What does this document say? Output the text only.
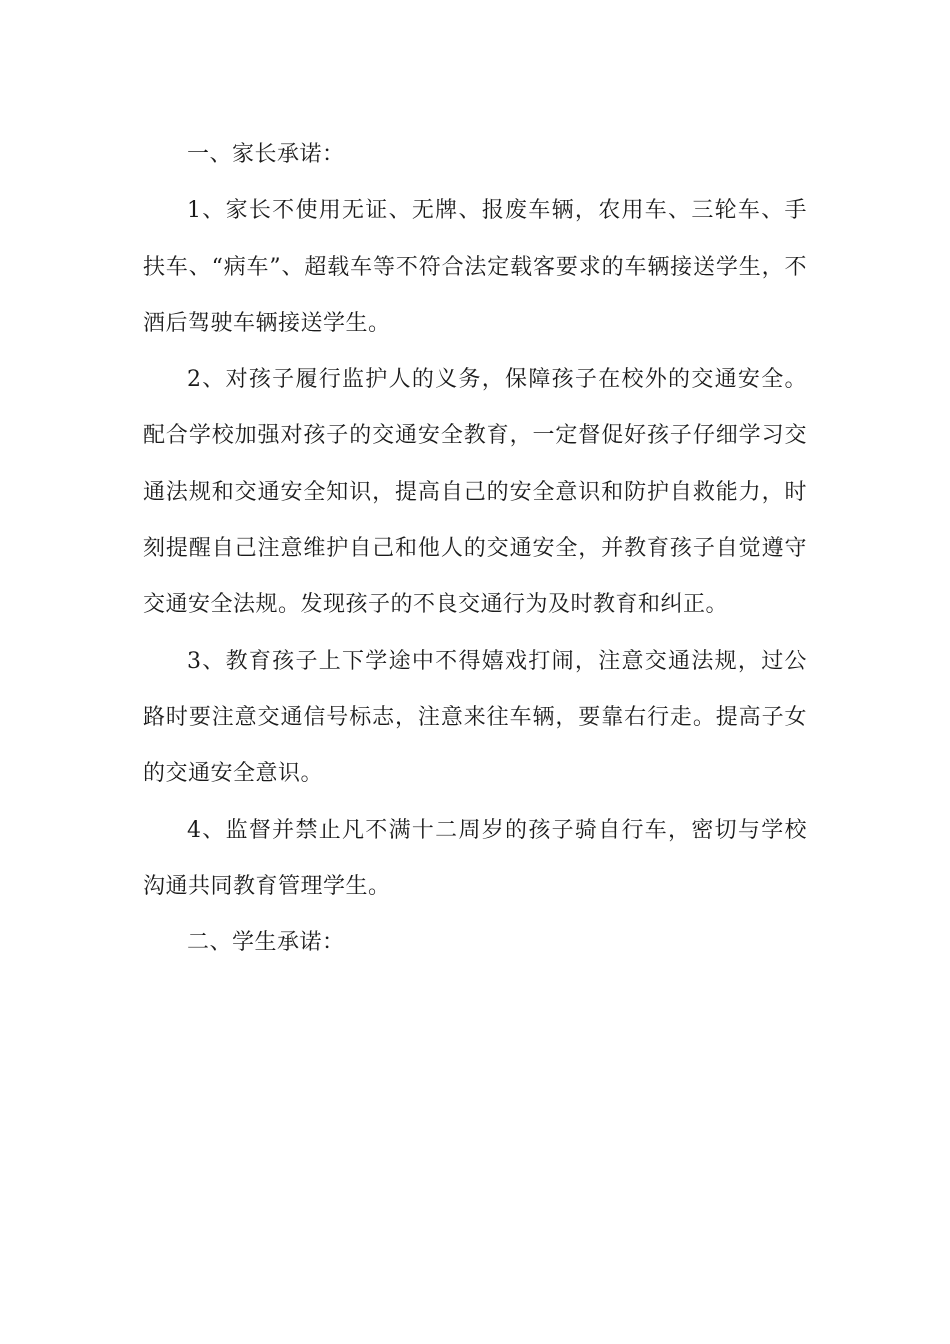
一、家长承诺：

1、家长不使用无证、无牌、报废车辆，农用车、三轮车、手扶车、“病车”、超载车等不符合法定载客要求的车辆接送学生，不酒后驾驶车辆接送学生。

2、对孩子履行监护人的义务，保障孩子在校外的交通安全。配合学校加强对孩子的交通安全教育，一定督促好孩子仔细学习交通法规和交通安全知识，提高自己的安全意识和防护自救能力，时刻提醒自己注意维护自己和他人的交通安全，并教育孩子自觉遵守交通安全法规。发现孩子的不良交通行为及时教育和纠正。

3、教育孩子上下学途中不得嬉戏打闹，注意交通法规，过公路时要注意交通信号标志，注意来往车辆，要靠右行走。提高子女的交通安全意识。

4、监督并禁止凡不满十二周岁的孩子骑自行车，密切与学校沟通共同教育管理学生。

二、学生承诺：
